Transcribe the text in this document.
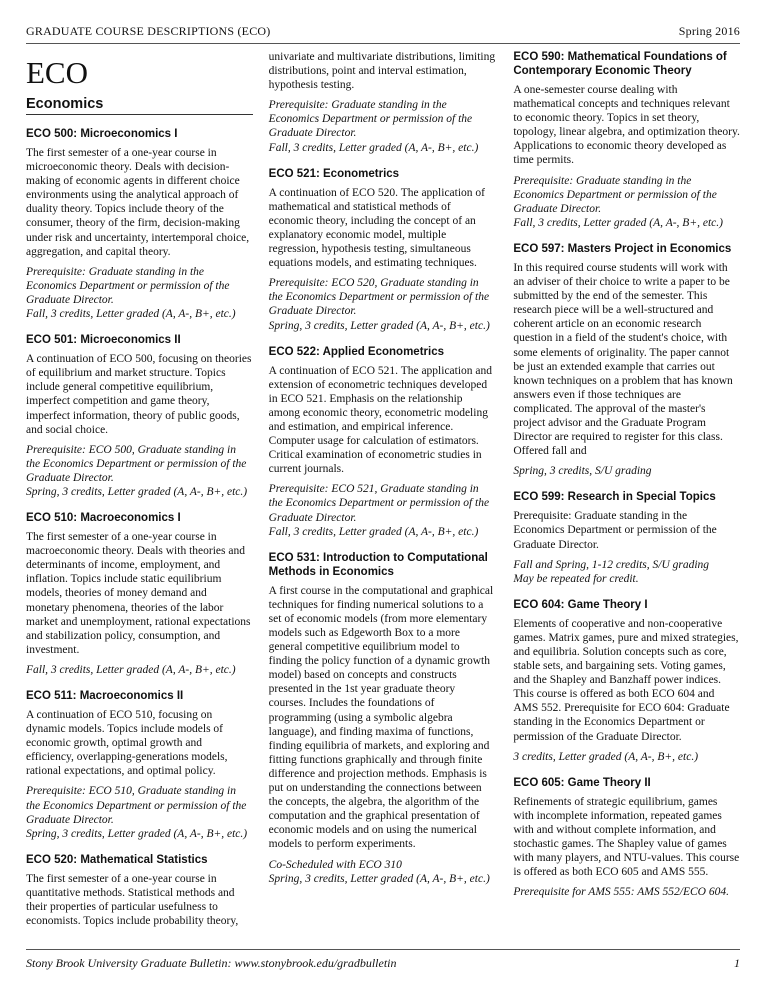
GRADUATE COURSE DESCRIPTIONS (ECO)	Spring 2016
ECO
Economics
ECO 500: Microeconomics I

The first semester of a one-year course in microeconomic theory. Deals with decision-making of economic agents in different choice environments using the analytical approach of duality theory. Topics include theory of the consumer, theory of the firm, decision-making under risk and uncertainty, intertemporal choice, aggregation, and capital theory.

Prerequisite: Graduate standing in the Economics Department or permission of the Graduate Director.
Fall, 3 credits, Letter graded (A, A-, B+, etc.)

ECO 501: Microeconomics II

A continuation of ECO 500, focusing on theories of equilibrium and market structure. Topics include general competitive equilibrium, imperfect competition and game theory, imperfect information, theory of public goods, and social choice.

Prerequisite: ECO 500, Graduate standing in the Economics Department or permission of the Graduate Director.
Spring, 3 credits, Letter graded (A, A-, B+, etc.)

ECO 510: Macroeconomics I

The first semester of a one-year course in macroeconomic theory. Deals with theories and determinants of income, employment, and inflation. Topics include static equilibrium models, theories of money demand and monetary phenomena, theories of the labor market and unemployment, rational expectations and stabilization policy, consumption, and investment.

Fall, 3 credits, Letter graded (A, A-, B+, etc.)

ECO 511: Macroeconomics II

A continuation of ECO 510, focusing on dynamic models. Topics include models of economic growth, optimal growth and efficiency, overlapping-generations models, rational expectations, and optimal policy.

Prerequisite: ECO 510, Graduate standing in the Economics Department or permission of the Graduate Director.
Spring, 3 credits, Letter graded (A, A-, B+, etc.)

ECO 520: Mathematical Statistics

The first semester of a one-year course in quantitative methods. Statistical methods and their properties of particular usefulness to economists. Topics include probability theory,

univariate and multivariate distributions, limiting distributions, point and interval estimation, hypothesis testing.

Prerequisite: Graduate standing in the Economics Department or permission of the Graduate Director.
Fall, 3 credits, Letter graded (A, A-, B+, etc.)

ECO 521: Econometrics

A continuation of ECO 520. The application of mathematical and statistical methods of economic theory, including the concept of an explanatory economic model, multiple regression, hypothesis testing, simultaneous equations models, and estimating techniques.

Prerequisite: ECO 520, Graduate standing in the Economics Department or permission of the Graduate Director.
Spring, 3 credits, Letter graded (A, A-, B+, etc.)

ECO 522: Applied Econometrics

A continuation of ECO 521. The application and extension of econometric techniques developed in ECO 521. Emphasis on the relationship among economic theory, econometric modeling and estimation, and empirical inference. Computer usage for calculation of estimators. Critical examination of econometric studies in current journals.

Prerequisite: ECO 521, Graduate standing in the Economics Department or permission of the Graduate Director.
Fall, 3 credits, Letter graded (A, A-, B+, etc.)

ECO 531: Introduction to Computational Methods in Economics

A first course in the computational and graphical techniques for finding numerical solutions to a set of economic models (from more elementary models such as Edgeworth Box to a more general competitive equilibrium model to finding the policy function of a dynamic growth model) based on concepts and constructs presented in the 1st year graduate theory courses. Includes the foundations of programming (using a symbolic algebra language), and finding maxima of functions, finding equilibria of markets, and exploring and fitting functions graphically and through finite difference and projection methods. Emphasis is put on understanding the connections between the concepts, the algebra, the algorithm of the computation and the graphical presentation of economic models and on using the numerical models to perform experiments.

Co-Scheduled with ECO 310
Spring, 3 credits, Letter graded (A, A-, B+, etc.)

ECO 590: Mathematical Foundations of Contemporary Economic Theory

A one-semester course dealing with mathematical concepts and techniques relevant to economic theory. Topics in set theory, topology, linear algebra, and optimization theory. Applications to economic theory developed as time permits.

Prerequisite: Graduate standing in the Economics Department or permission of the Graduate Director.
Fall, 3 credits, Letter graded (A, A-, B+, etc.)

ECO 597: Masters Project in Economics

In this required course students will work with an adviser of their choice to write a paper to be submitted by the end of the semester. This research piece will be a well-structured and coherent article on an economic research question in a field of the student's choice, with some elements of originality. The paper cannot be just an extended example that carries out known techniques on a problem that has known answers even if those techniques are complicated. The approval of the master's project advisor and the Graduate Program Director are required to register for this class. Offered fall and

Spring, 3 credits, S/U grading

ECO 599: Research in Special Topics

Prerequisite: Graduate standing in the Economics Department or permission of the Graduate Director.

Fall and Spring, 1-12 credits, S/U grading
May be repeated for credit.

ECO 604: Game Theory I

Elements of cooperative and non-cooperative games. Matrix games, pure and mixed strategies, and equilibria. Solution concepts such as core, stable sets, and bargaining sets. Voting games, and the Shapley and Banzhaff power indices. This course is offered as both ECO 604 and AMS 552. Prerequisite for ECO 604: Graduate standing in the Economics Department or permission of the Graduate Director.

3 credits, Letter graded (A, A-, B+, etc.)

ECO 605: Game Theory II

Refinements of strategic equilibrium, games with incomplete information, repeated games with and without complete information, and stochastic games. The Shapley value of games with many players, and NTU-values. This course is offered as both ECO 605 and AMS 555.

Prerequisite for AMS 555: AMS 552/ECO 604.

Stony Brook University Graduate Bulletin: www.stonybrook.edu/gradbulletin	1
